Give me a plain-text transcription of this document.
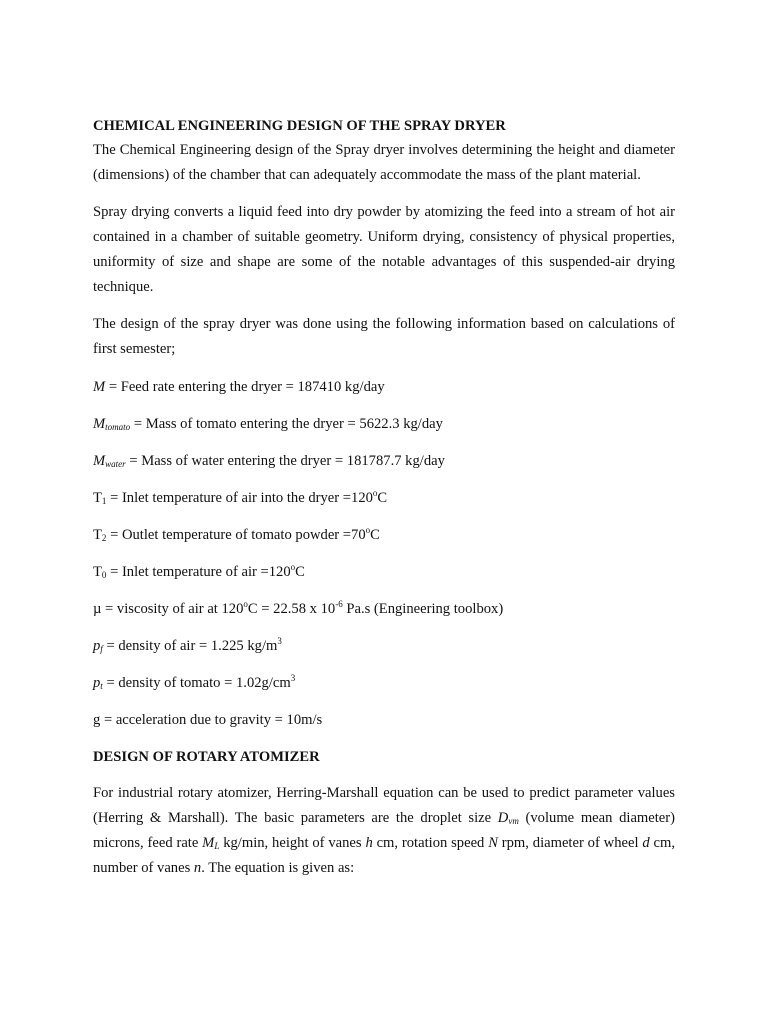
CHEMICAL ENGINEERING DESIGN OF THE SPRAY DRYER

The Chemical Engineering design of the Spray dryer involves determining the height and diameter (dimensions) of the chamber that can adequately accommodate the mass of the plant material.

Spray drying converts a liquid feed into dry powder by atomizing the feed into a stream of hot air contained in a chamber of suitable geometry. Uniform drying, consistency of physical properties, uniformity of size and shape are some of the notable advantages of this suspended-air drying technique.

The design of the spray dryer was done using the following information based on calculations of first semester;

M = Feed rate entering the dryer = 187410 kg/day
$M_{tomato}$ = Mass of tomato entering the dryer = 5622.3 kg/day
$M_{water}$ = Mass of water entering the dryer = 181787.7 kg/day
$T_1$ = Inlet temperature of air into the dryer $=120^oC$
$T_2$ = Outlet temperature of tomato powder $=70^oC$
$T_0$ = Inlet temperature of air $=120^oC$
µ = viscosity of air at $120^oC = 22.58$ x $10^{-6}$ Pa.s (Engineering toolbox)
$p_f$ = density of air = 1.225 $kg/m^3$
$p_t$ = density of tomato = $1.02g/cm^3$
g = acceleration due to gravity = 10m/s
DESIGN OF ROTARY ATOMIZER

For industrial rotary atomizer, Herring-Marshall equation can be used to predict parameter values (Herring & Marshall). The basic parameters are the droplet size $D_{vm}$ (volume mean diameter) microns, feed rate $M_L$ kg/min, height of vanes h cm, rotation speed N rpm, diameter of wheel d cm, number of vanes n. The equation is given as:
